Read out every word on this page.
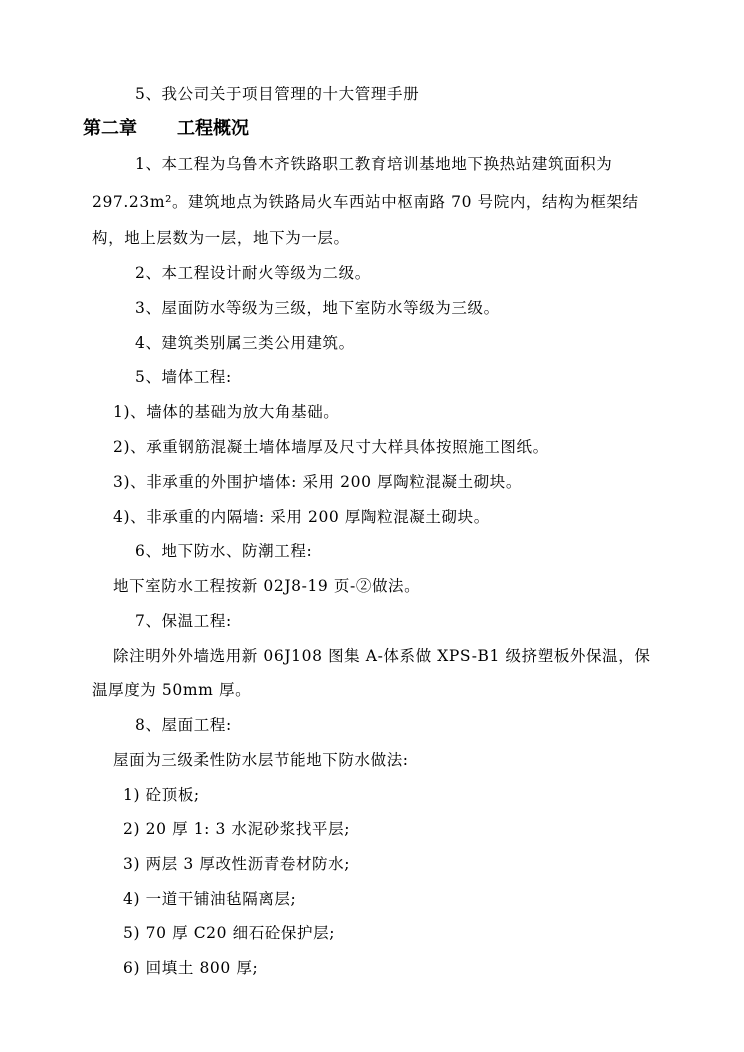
5、我公司关于项目管理的十大管理手册
第二章 工程概况
1、本工程为乌鲁木齐铁路职工教育培训基地地下换热站建筑面积为
297.23m²。建筑地点为铁路局火车西站中枢南路 70 号院内，结构为框架结
构，地上层数为一层，地下为一层。
2、本工程设计耐火等级为二级。
3、屋面防水等级为三级，地下室防水等级为三级。
4、建筑类别属三类公用建筑。
5、墙体工程:
1)、墙体的基础为放大角基础。
2)、承重钢筋混凝土墙体墙厚及尺寸大样具体按照施工图纸。
3)、非承重的外围护墙体: 采用 200 厚陶粒混凝土砌块。
4)、非承重的内隔墙: 采用 200 厚陶粒混凝土砌块。
6、地下防水、防潮工程:
地下室防水工程按新 02J8-19 页-②做法。
7、保温工程:
除注明外外墙选用新 06J108 图集 A-体系做 XPS-B1 级挤塑板外保温，保
温厚度为 50mm 厚。
8、屋面工程:
屋面为三级柔性防水层节能地下防水做法:
1) 砼顶板;
2) 20 厚 1: 3 水泥砂浆找平层;
3) 两层 3 厚改性沥青卷材防水;
4) 一道干铺油毡隔离层;
5) 70 厚 C20 细石砼保护层;
6) 回填土 800 厚;
